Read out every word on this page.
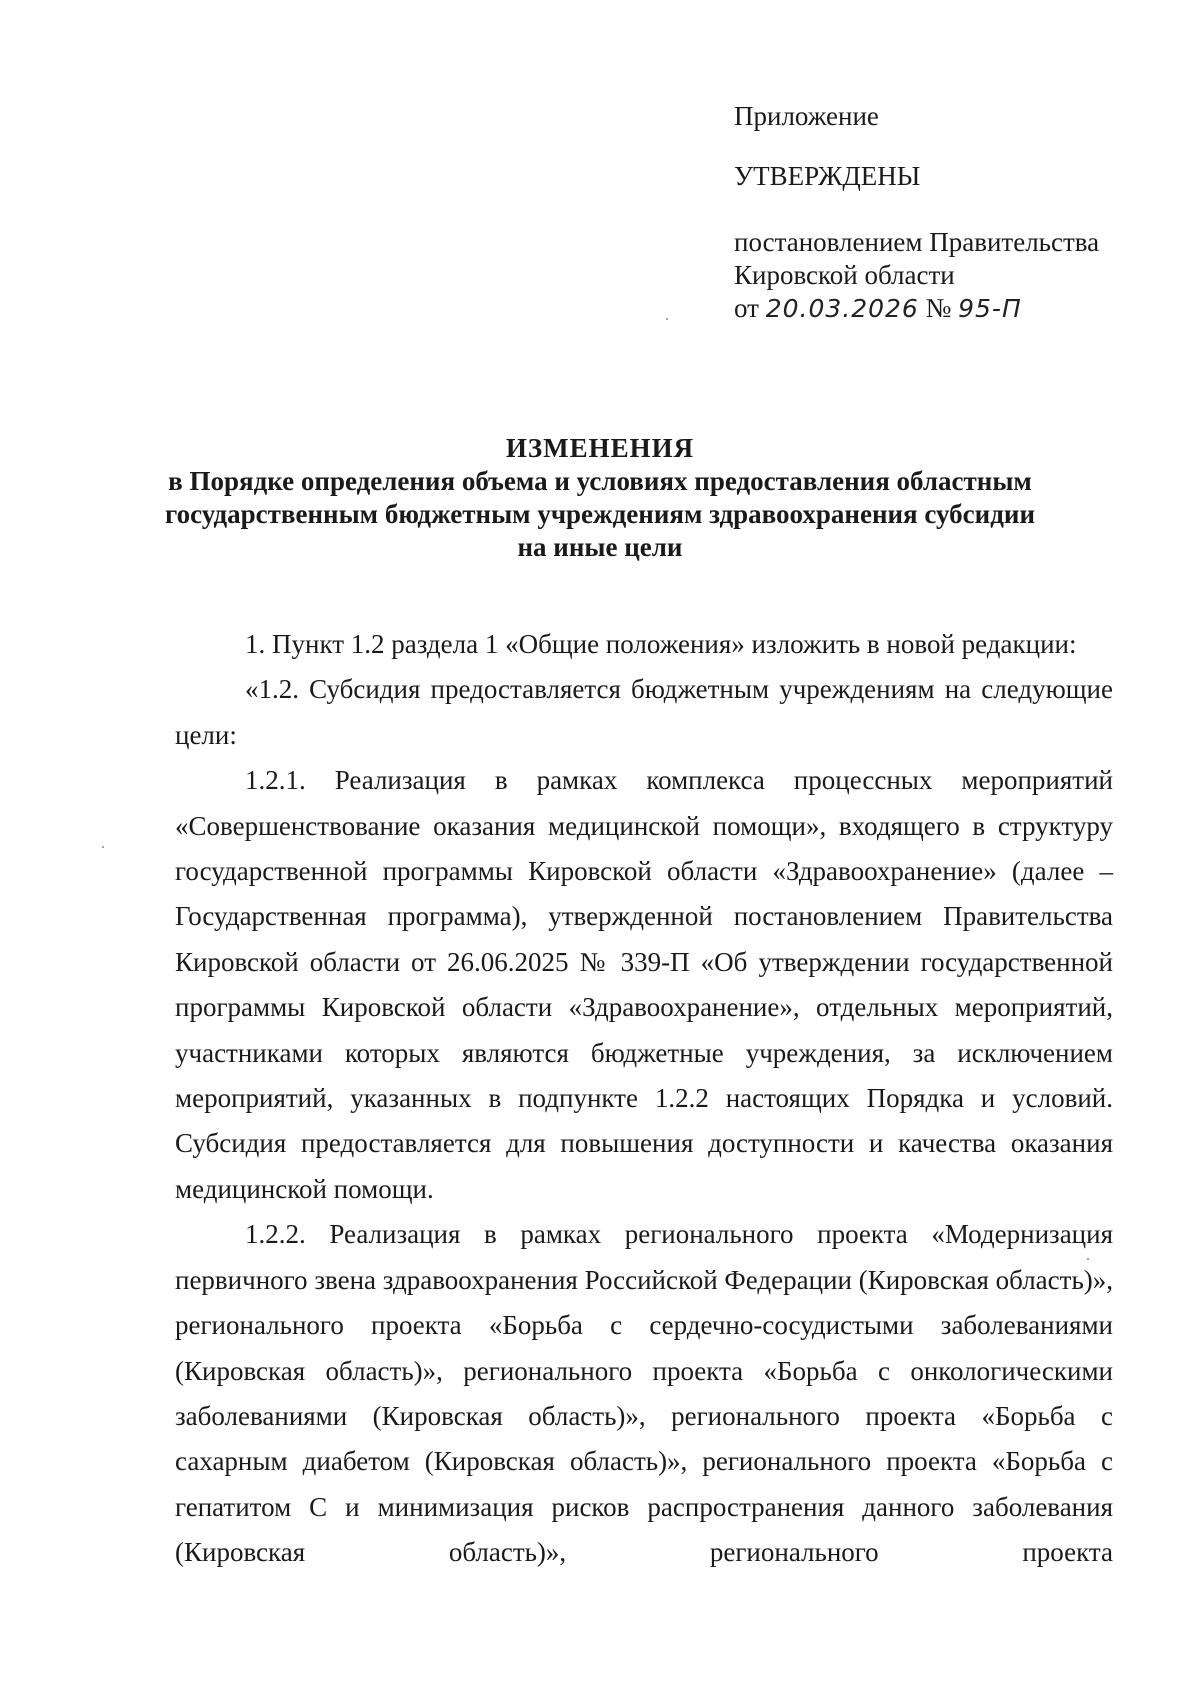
Приложение
УТВЕРЖДЕНЫ
постановлением Правительства
Кировской области
от 20.03.2026 № 95-П
ИЗМЕНЕНИЯ
в Порядке определения объема и условиях предоставления областным
государственным бюджетным учреждениям здравоохранения субсидии
на иные цели

1. Пункт 1.2 раздела 1 «Общие положения» изложить в новой редакции:

«1.2. Субсидия предоставляется бюджетным учреждениям на следующие цели:

1.2.1. Реализация в рамках комплекса процессных мероприятий «Совершенствование оказания медицинской помощи», входящего в структуру государственной программы Кировской области «Здравоохранение» (далее – Государственная программа), утвержденной постановлением Правительства Кировской области от 26.06.2025 № 339-П «Об утверждении государственной программы Кировской области «Здравоохранение», отдельных мероприятий, участниками которых являются бюджетные учреждения, за исключением мероприятий, указанных в подпункте 1.2.2 настоящих Порядка и условий. Субсидия предоставляется для повышения доступности и качества оказания медицинской помощи.

1.2.2. Реализация в рамках регионального проекта «Модернизация первичного звена здравоохранения Российской Федерации (Кировская область)», регионального проекта «Борьба с сердечно-сосудистыми заболеваниями (Кировская область)», регионального проекта «Борьба с онкологическими заболеваниями (Кировская область)», регионального проекта «Борьба с сахарным диабетом (Кировская область)», регионального проекта «Борьба с гепатитом С и минимизация рисков распространения данного заболевания (Кировская область)», регионального проекта
